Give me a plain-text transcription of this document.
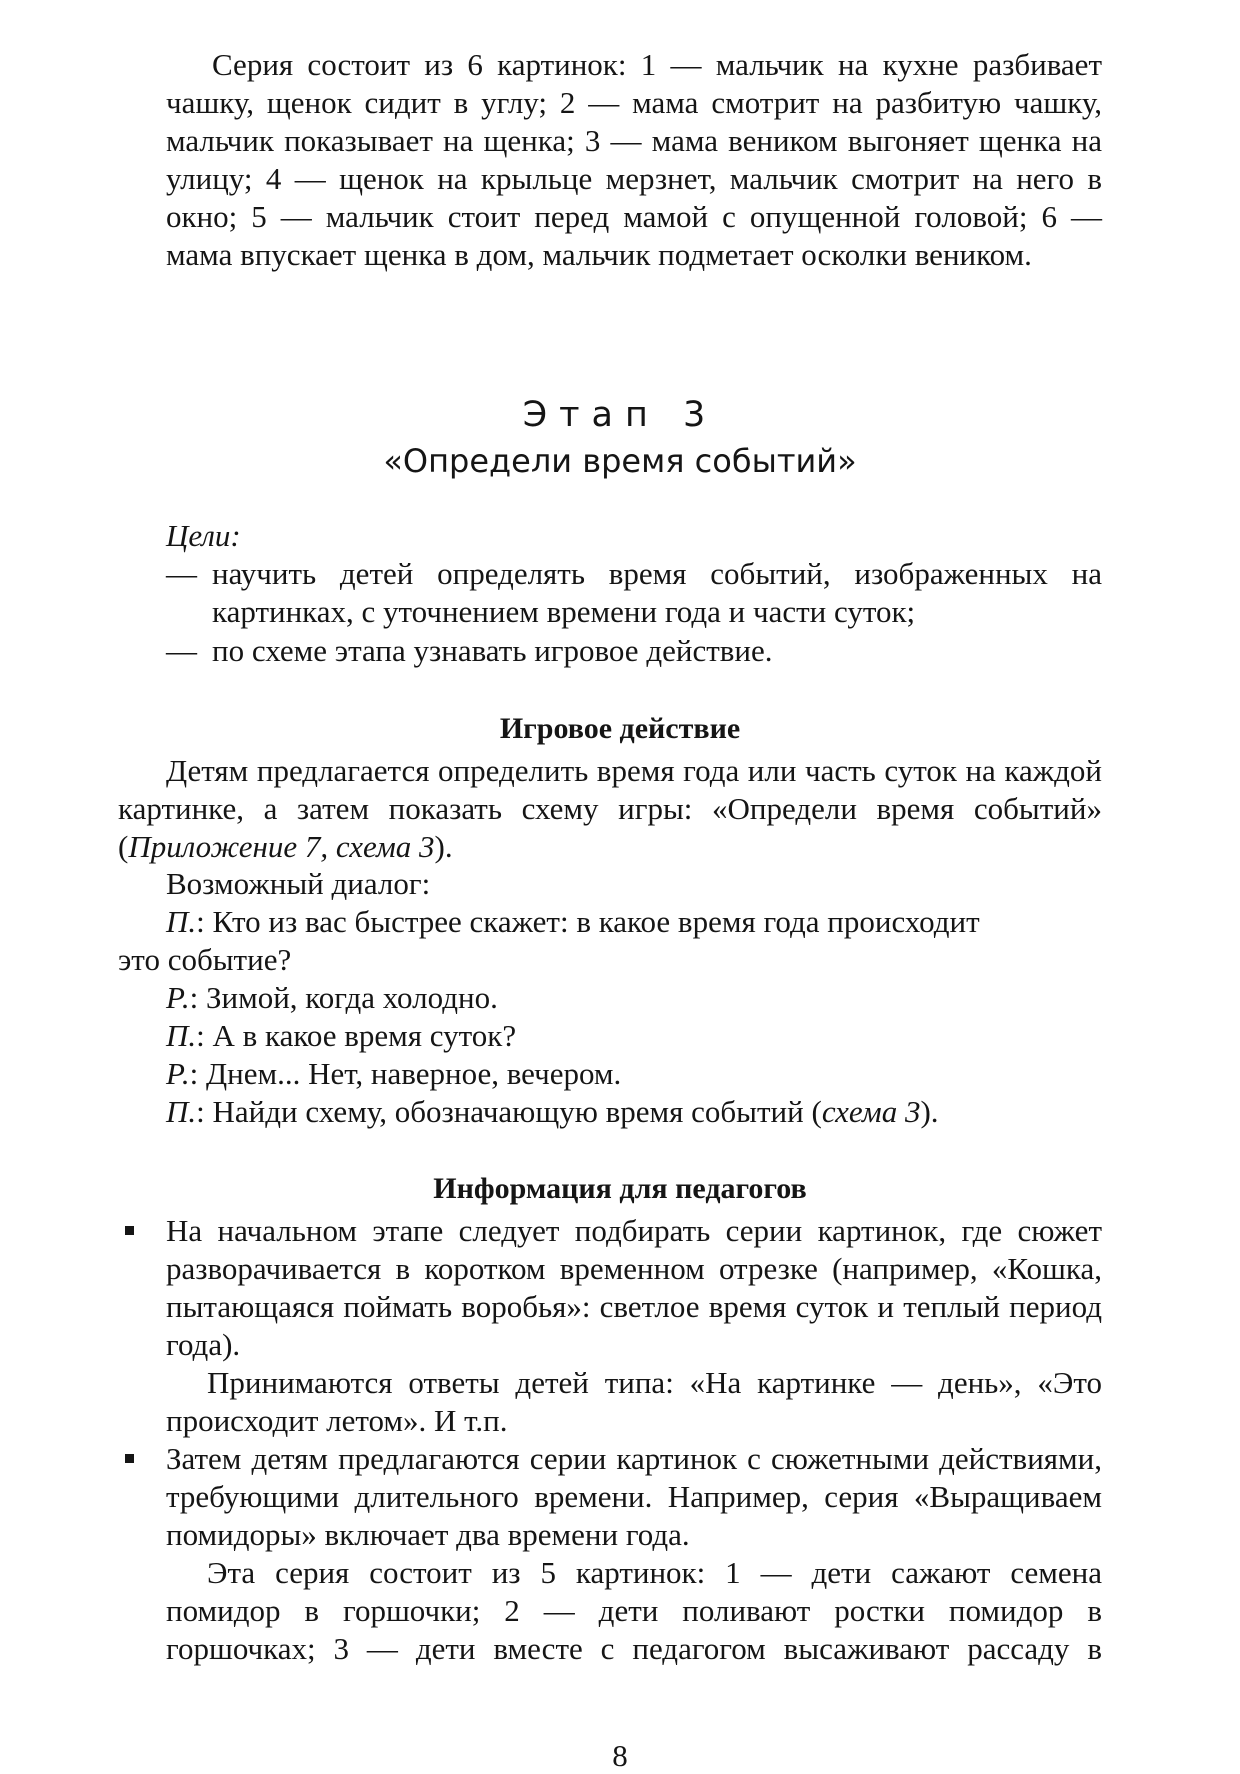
Серия состоит из 6 картинок: 1 — мальчик на кухне разбивает чашку, щенок сидит в углу; 2 — мама смотрит на разбитую чашку, мальчик показывает на щенка; 3 — мама веником выгоняет щенка на улицу; 4 — щенок на крыльце мерзнет, мальчик смотрит на него в окно; 5 — мальчик стоит перед мамой с опущенной головой; 6 — мама впускает щенка в дом, мальчик подметает осколки веником.
Этап 3
«Определи время событий»
Цели:
— научить детей определять время событий, изображенных на картинках, с уточнением времени года и части суток;
— по схеме этапа узнавать игровое действие.
Игровое действие
Детям предлагается определить время года или часть суток на каждой картинке, а затем показать схему игры: «Определи время событий» (Приложение 7, схема 3).
Возможный диалог:
П.: Кто из вас быстрее скажет: в какое время года происходит
это событие?
Р.: Зимой, когда холодно.
П.: А в какое время суток?
Р.: Днем... Нет, наверное, вечером.
П.: Найди схему, обозначающую время событий (схема 3).
Информация для педагогов

На начальном этапе следует подбирать серии картинок, где сюжет разворачивается в коротком временном отрезке (например, «Кошка, пытающаяся поймать воробья»: светлое время суток и теплый период года).

Принимаются ответы детей типа: «На картинке — день», «Это происходит летом». И т.п.

Затем детям предлагаются серии картинок с сюжетными действиями, требующими длительного времени. Например, серия «Выращиваем помидоры» включает два времени года.

Эта серия состоит из 5 картинок: 1 — дети сажают семена помидор в горшочки; 2 — дети поливают ростки помидор в горшочках; 3 — дети вместе с педагогом высаживают рассаду в

8
